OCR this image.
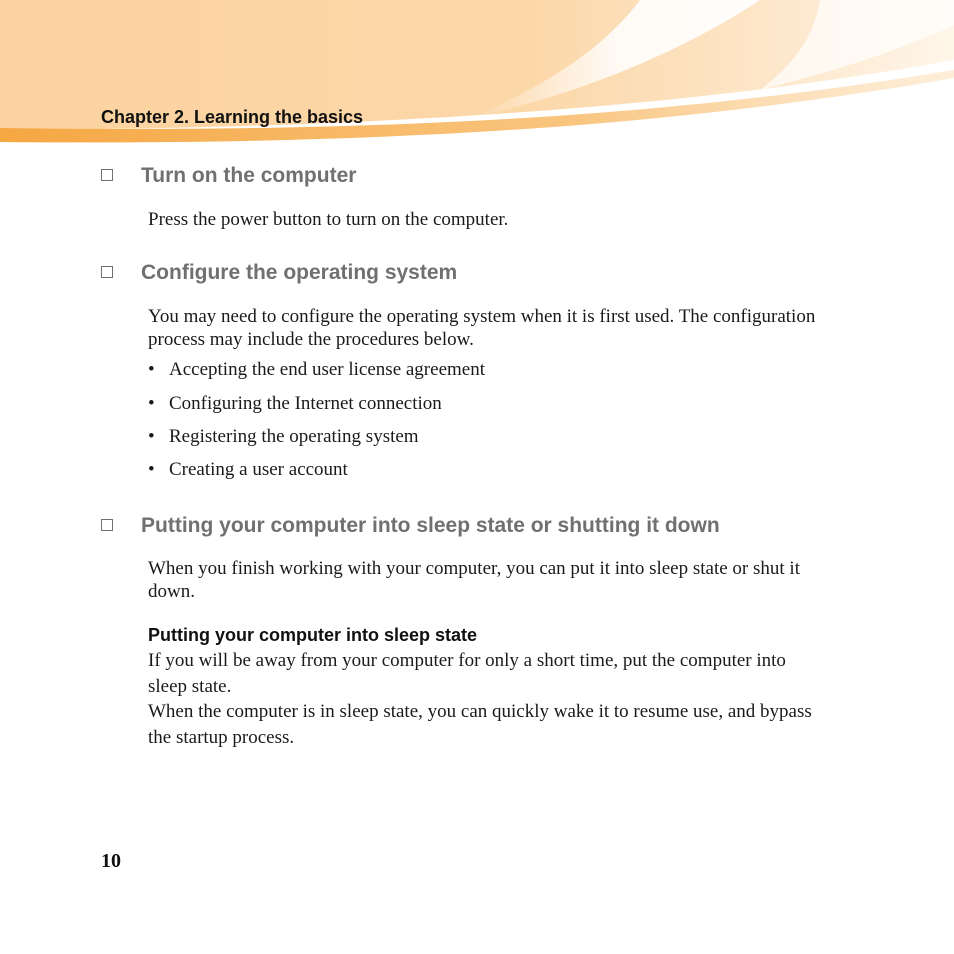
Chapter 2. Learning the basics
Turn on the computer
Press the power button to turn on the computer.
Configure the operating system
You may need to configure the operating system when it is first used. The configuration process may include the procedures below.
• Accepting the end user license agreement
• Configuring the Internet connection
• Registering the operating system
• Creating a user account
Putting your computer into sleep state or shutting it down
When you finish working with your computer, you can put it into sleep state or shut it down.
Putting your computer into sleep state
If you will be away from your computer for only a short time, put the computer into sleep state.
When the computer is in sleep state, you can quickly wake it to resume use, and bypass the startup process.
10
